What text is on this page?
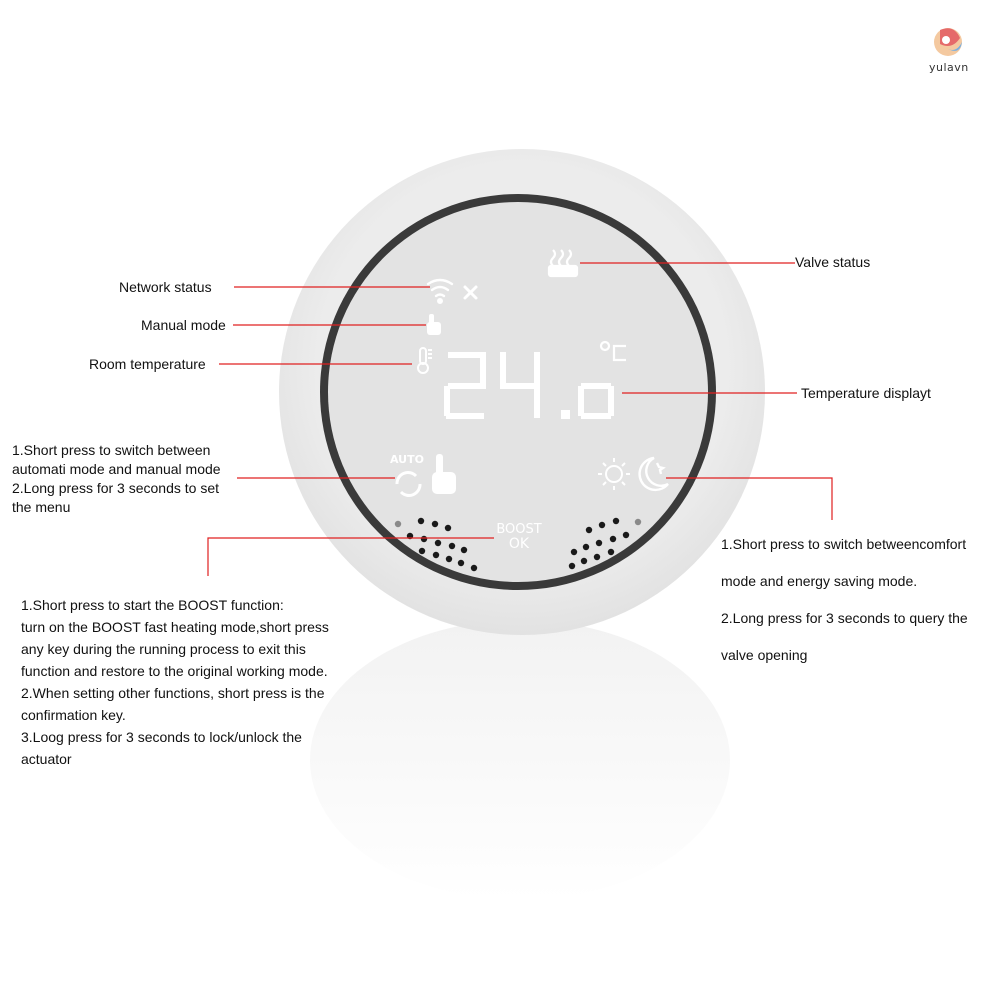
yulavn
AUTO
BOOST
OK
Network status
Manual mode
Room temperature
Valve status
Temperature displayt
1.Short press to switch between
automati mode and manual mode
2.Long press for 3 seconds to set
the menu
1.Short press to switch betweencomfort
mode and energy saving mode.
2.Long press for 3 seconds to query the
valve opening
1.Short press to start the BOOST function:
turn on the BOOST fast heating mode,short press
any key during the running process to exit this
function and restore to the original working mode.
2.When setting other functions, short press is the
confirmation key.
3.Loog press for 3 seconds to lock/unlock the
actuator
